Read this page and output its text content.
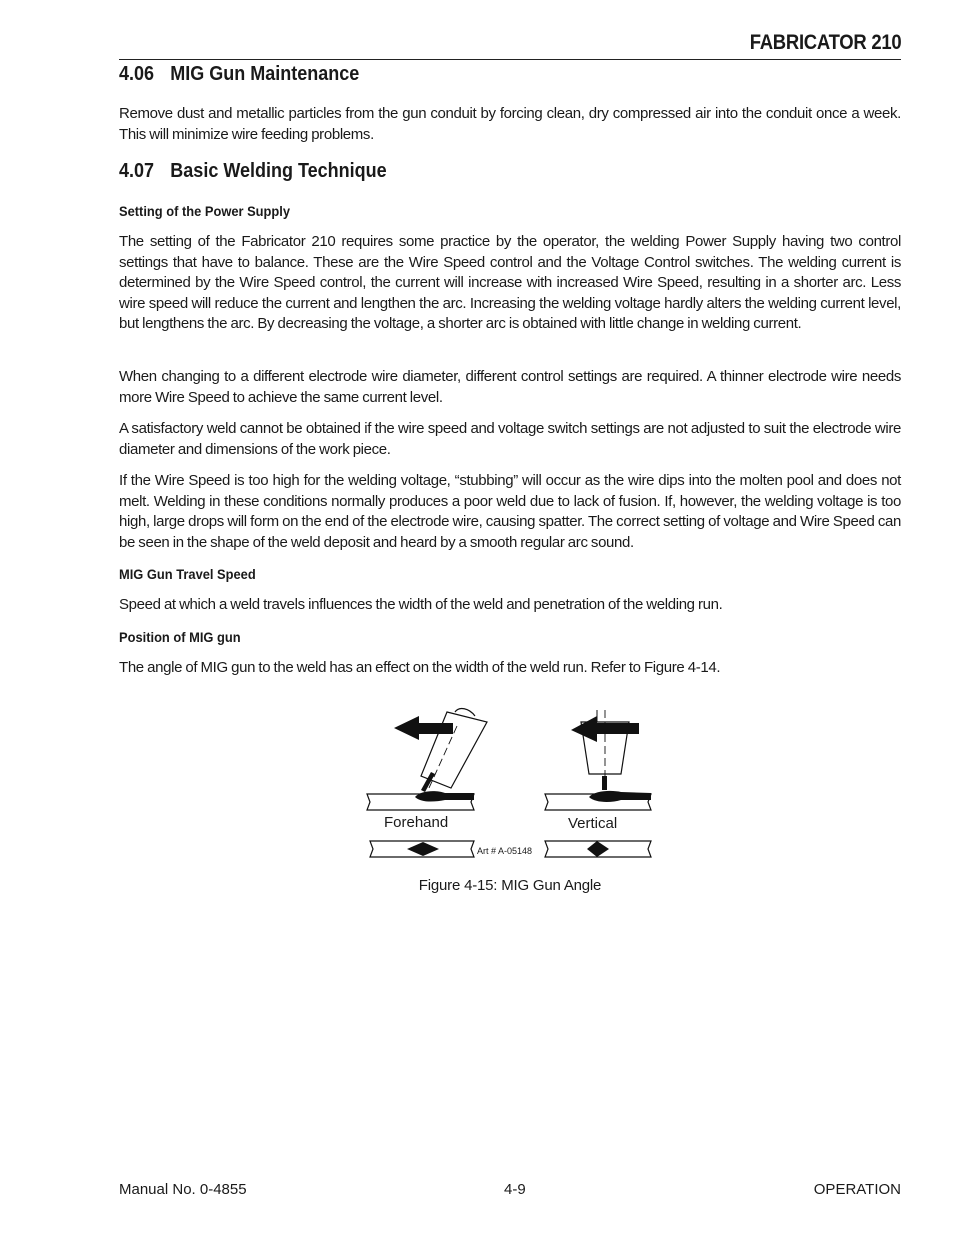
FABRICATOR 210
4.06 MIG Gun Maintenance
Remove dust and metallic particles from the gun conduit by forcing clean, dry compressed air into the conduit once a week. This will minimize wire feeding problems.
4.07 Basic Welding Technique
Setting of the Power Supply
The setting of the Fabricator 210 requires some practice by the operator, the welding Power Supply having two control settings that have to balance. These are the Wire Speed control and the Voltage Control switches. The welding current is determined by the Wire Speed control, the current will increase with increased Wire Speed, resulting in a shorter arc. Less wire speed will reduce the current and lengthen the arc. Increasing the welding voltage hardly alters the welding current level, but lengthens the arc. By decreasing the voltage, a shorter arc is obtained with little change in welding current.
When changing to a different electrode wire diameter, different control settings are required. A thinner electrode wire needs more Wire Speed to achieve the same current level.
A satisfactory weld cannot be obtained if the wire speed and voltage switch settings are not adjusted to suit the electrode wire diameter and dimensions of the work piece.
If the Wire Speed is too high for the welding voltage, “stubbing” will occur as the wire dips into the molten pool and does not melt. Welding in these conditions normally produces a poor weld due to lack of fusion. If, however, the welding voltage is too high, large drops will form on the end of the electrode wire, causing spatter. The correct setting of voltage and Wire Speed can be seen in the shape of the weld deposit and heard by a smooth regular arc sound.
MIG Gun Travel Speed
Speed at which a weld travels influences the width of the weld and penetration of the welding run.
Position of MIG gun
The angle of MIG gun to the weld has an effect on the width of the weld run. Refer to Figure 4-14.
Forehand	Vertical
Art # A-05148
Figure 4-15: MIG Gun Angle
Manual No. 0-4855	4-9	OPERATION
